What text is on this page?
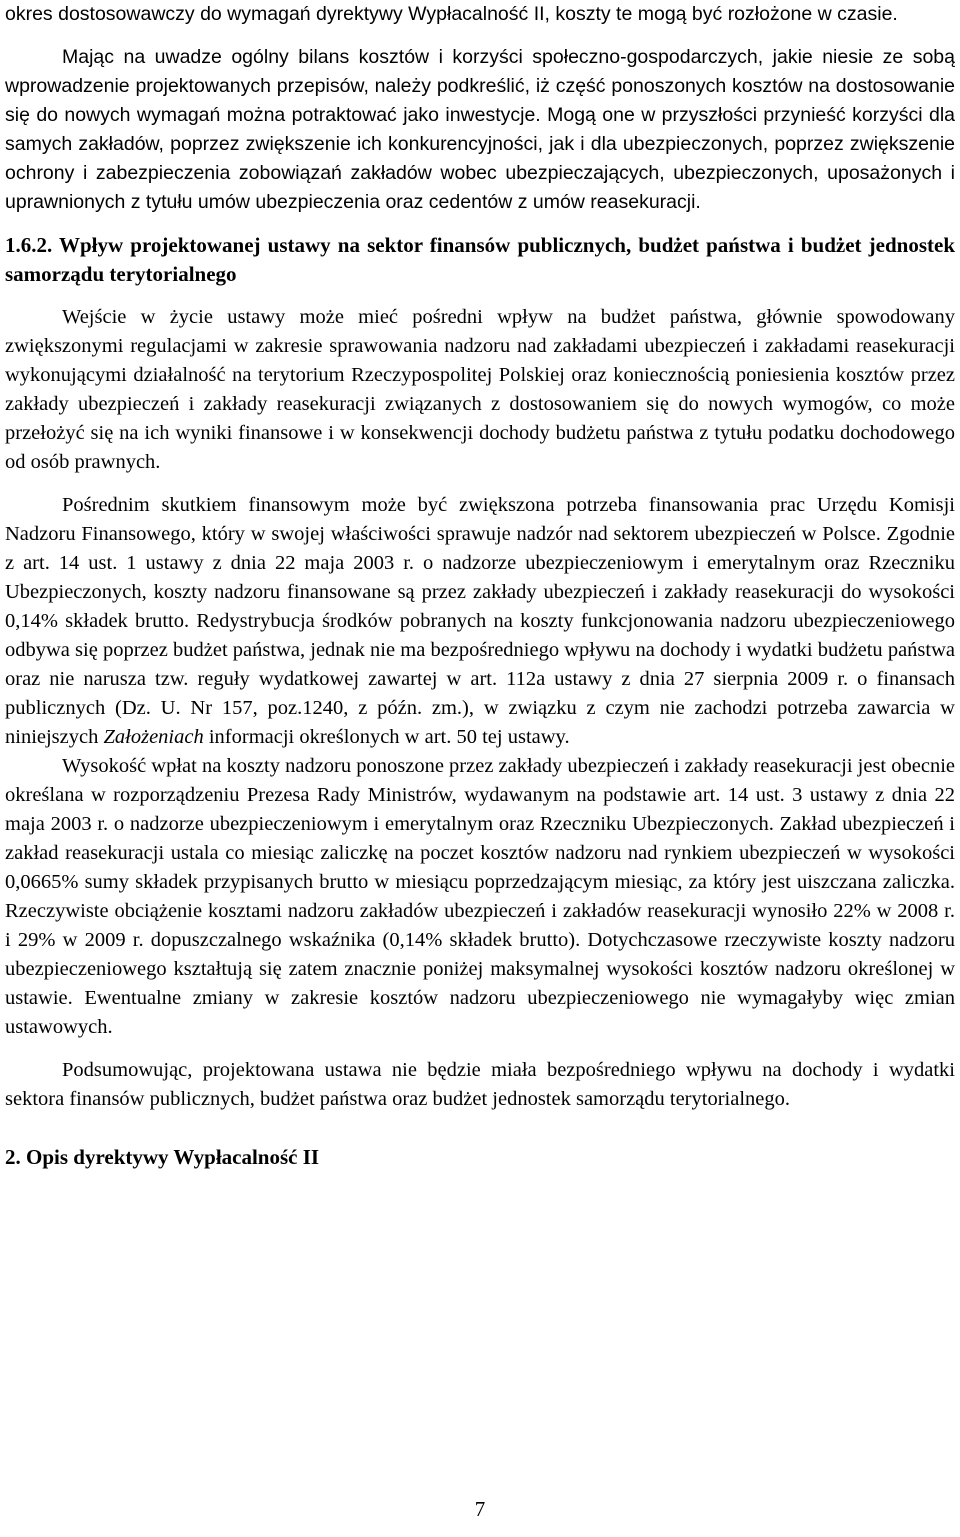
okres dostosowawczy do wymagań dyrektywy Wypłacalność II, koszty te mogą być rozłożone w czasie.

Mając na uwadze ogólny bilans kosztów i korzyści społeczno-gospodarczych, jakie niesie ze sobą wprowadzenie projektowanych przepisów, należy podkreślić, iż część ponoszonych kosztów na dostosowanie się do nowych wymagań można potraktować jako inwestycje. Mogą one w przyszłości przynieść korzyści dla samych zakładów, poprzez zwiększenie ich konkurencyjności, jak i dla ubezpieczonych, poprzez zwiększenie ochrony i zabezpieczenia zobowiązań zakładów wobec ubezpieczających, ubezpieczonych, uposażonych i uprawnionych z tytułu umów ubezpieczenia oraz cedentów z umów reasekuracji.

1.6.2. Wpływ projektowanej ustawy na sektor finansów publicznych, budżet państwa i budżet jednostek samorządu terytorialnego

Wejście w życie ustawy może mieć pośredni wpływ na budżet państwa, głównie spowodowany zwiększonymi regulacjami w zakresie sprawowania nadzoru nad zakładami ubezpieczeń i zakładami reasekuracji wykonującymi działalność na terytorium Rzeczypospolitej Polskiej oraz koniecznością poniesienia kosztów przez zakłady ubezpieczeń i zakłady reasekuracji związanych z dostosowaniem się do nowych wymogów, co może przełożyć się na ich wyniki finansowe i w konsekwencji dochody budżetu państwa z tytułu podatku dochodowego od osób prawnych.

Pośrednim skutkiem finansowym może być zwiększona potrzeba finansowania prac Urzędu Komisji Nadzoru Finansowego, który w swojej właściwości sprawuje nadzór nad sektorem ubezpieczeń w Polsce. Zgodnie z art. 14 ust. 1 ustawy z dnia 22 maja 2003 r. o nadzorze ubezpieczeniowym i emerytalnym oraz Rzeczniku Ubezpieczonych, koszty nadzoru finansowane są przez zakłady ubezpieczeń i zakłady reasekuracji do wysokości 0,14% składek brutto. Redystrybucja środków pobranych na koszty funkcjonowania nadzoru ubezpieczeniowego odbywa się poprzez budżet państwa, jednak nie ma bezpośredniego wpływu na dochody i wydatki budżetu państwa oraz nie narusza tzw. reguły wydatkowej zawartej w art. 112a ustawy z dnia 27 sierpnia 2009 r. o finansach publicznych (Dz. U. Nr 157, poz.1240, z późn. zm.), w związku z czym nie zachodzi potrzeba zawarcia w niniejszych Założeniach informacji określonych w art. 50 tej ustawy.

Wysokość wpłat na koszty nadzoru ponoszone przez zakłady ubezpieczeń i zakłady reasekuracji jest obecnie określana w rozporządzeniu Prezesa Rady Ministrów, wydawanym na podstawie art. 14 ust. 3 ustawy z dnia 22 maja 2003 r. o nadzorze ubezpieczeniowym i emerytalnym oraz Rzeczniku Ubezpieczonych. Zakład ubezpieczeń i zakład reasekuracji ustala co miesiąc zaliczkę na poczet kosztów nadzoru nad rynkiem ubezpieczeń w wysokości 0,0665% sumy składek przypisanych brutto w miesiącu poprzedzającym miesiąc, za który jest uiszczana zaliczka. Rzeczywiste obciążenie kosztami nadzoru zakładów ubezpieczeń i zakładów reasekuracji wynosiło 22% w 2008 r. i 29% w 2009 r. dopuszczalnego wskaźnika (0,14% składek brutto). Dotychczasowe rzeczywiste koszty nadzoru ubezpieczeniowego kształtują się zatem znacznie poniżej maksymalnej wysokości kosztów nadzoru określonej w ustawie. Ewentualne zmiany w zakresie kosztów nadzoru ubezpieczeniowego nie wymagałyby więc zmian ustawowych.

Podsumowując, projektowana ustawa nie będzie miała bezpośredniego wpływu na dochody i wydatki sektora finansów publicznych, budżet państwa oraz budżet jednostek samorządu terytorialnego.

2. Opis dyrektywy Wypłacalność II
7
